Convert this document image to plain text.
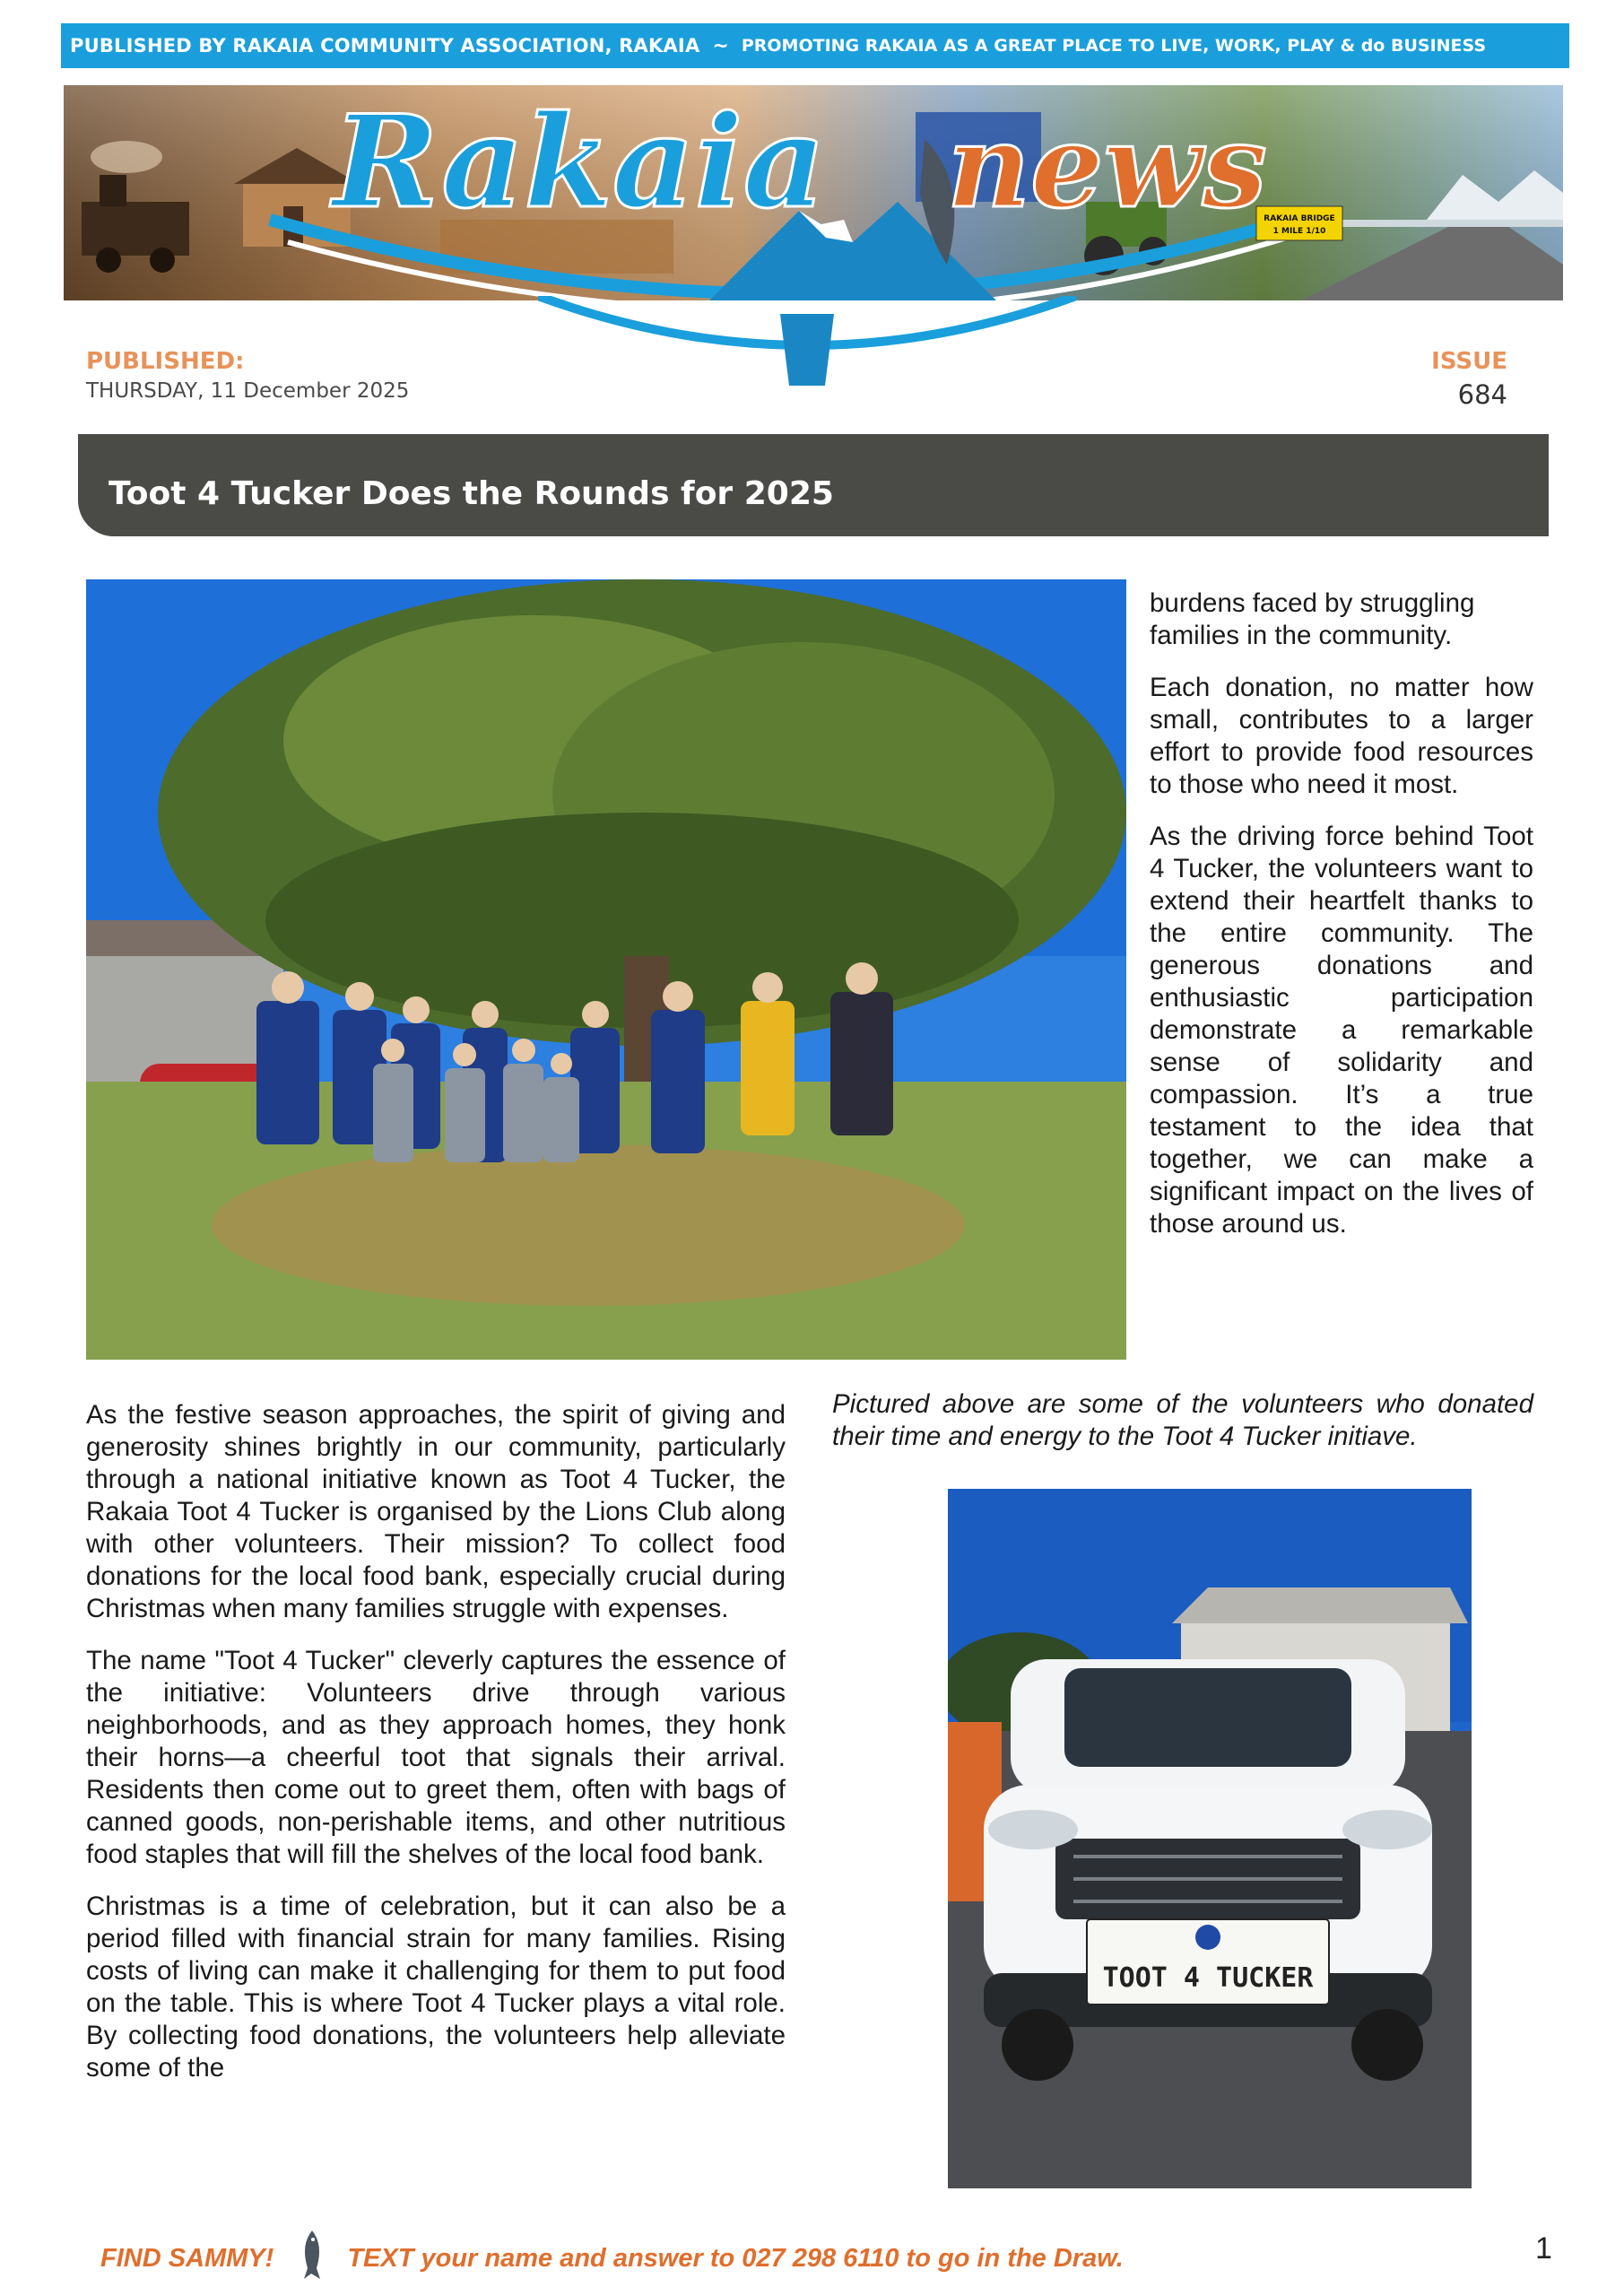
PUBLISHED BY RAKAIA COMMUNITY ASSOCIATION, RAKAIA ~ PROMOTING RAKAIA AS A GREAT PLACE TO LIVE, WORK, PLAY & do BUSINESS
RAKAIA BRIDGE
1 MILE 1/10
Rakaia news
PUBLISHED:
THURSDAY, 11 December 2025
ISSUE
684
Toot 4 Tucker Does the Rounds for 2025

burdens faced by struggling families in the community.

Each donation, no matter how small, contributes to a larger effort to provide food resources to those who need it most.

As the driving force behind Toot 4 Tucker, the volunteers want to extend their heartfelt thanks to the entire community. The generous donations and enthusiastic participation demonstrate a remarkable sense of solidarity and compassion. It’s a true testament to the idea that together, we can make a significant impact on the lives of those around us.

As the festive season approaches, the spirit of giving and generosity shines brightly in our community, particularly through a national initiative known as Toot 4 Tucker, the Rakaia Toot 4 Tucker is organised by the Lions Club along with other volunteers. Their mission? To collect food donations for the local food bank, especially crucial during Christmas when many families struggle with expenses.

The name "Toot 4 Tucker" cleverly captures the essence of the initiative: Volunteers drive through various neighborhoods, and as they approach homes, they honk their horns—a cheerful toot that signals their arrival. Residents then come out to greet them, often with bags of canned goods, non-perishable items, and other nutritious food staples that will fill the shelves of the local food bank.

Christmas is a time of celebration, but it can also be a period filled with financial strain for many families. Rising costs of living can make it challenging for them to put food on the table. This is where Toot 4 Tucker plays a vital role. By collecting food donations, the volunteers help alleviate some of the

Pictured above are some of the volunteers who donated their time and energy to the Toot 4 Tucker initiave.
TOOT 4 TUCKER
FIND SAMMY!	TEXT your name and answer to 027 298 6110 to go in the Draw.	1
